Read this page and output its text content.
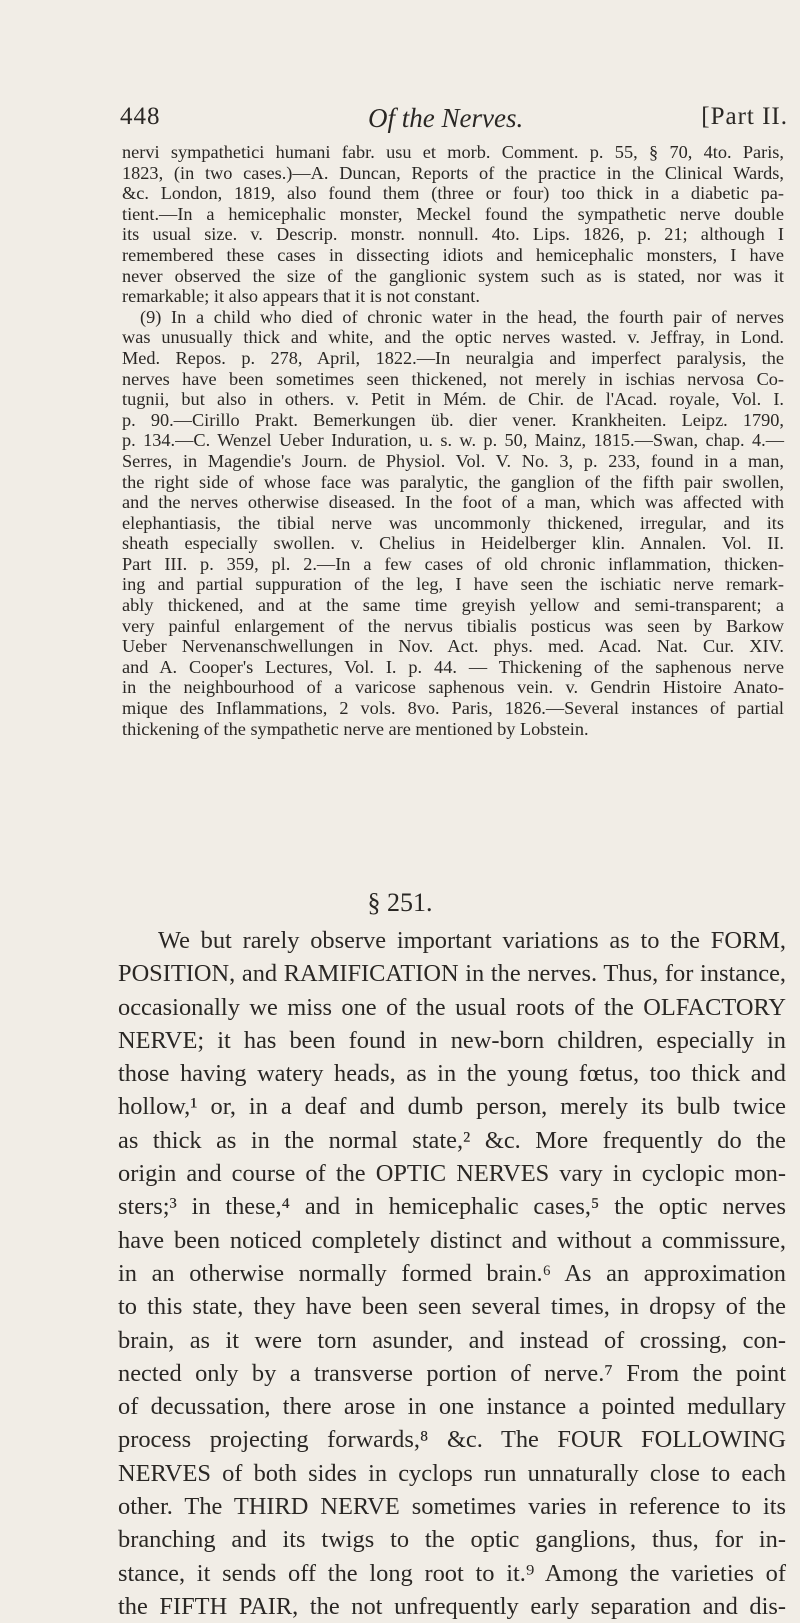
448	Of the Nerves.	[Part II.
nervi sympathetici humani fabr. usu et morb. Comment. p. 55, § 70, 4to. Paris,
1823, (in two cases.)—A. Duncan, Reports of the practice in the Clinical Wards,
&c. London, 1819, also found them (three or four) too thick in a diabetic pa-
tient.—In a hemicephalic monster, Meckel found the sympathetic nerve double
its usual size. v. Descrip. monstr. nonnull. 4to. Lips. 1826, p. 21; although I
remembered these cases in dissecting idiots and hemicephalic monsters, I have
never observed the size of the ganglionic system such as is stated, nor was it
remarkable; it also appears that it is not constant.
(9) In a child who died of chronic water in the head, the fourth pair of nerves
was unusually thick and white, and the optic nerves wasted. v. Jeffray, in Lond.
Med. Repos. p. 278, April, 1822.—In neuralgia and imperfect paralysis, the
nerves have been sometimes seen thickened, not merely in ischias nervosa Co-
tugnii, but also in others. v. Petit in Mém. de Chir. de l'Acad. royale, Vol. I.
p. 90.—Cirillo Prakt. Bemerkungen üb. dier vener. Krankheiten. Leipz. 1790,
p. 134.—C. Wenzel Ueber Induration, u. s. w. p. 50, Mainz, 1815.—Swan, chap. 4.—
Serres, in Magendie's Journ. de Physiol. Vol. V. No. 3, p. 233, found in a man,
the right side of whose face was paralytic, the ganglion of the fifth pair swollen,
and the nerves otherwise diseased. In the foot of a man, which was affected with
elephantiasis, the tibial nerve was uncommonly thickened, irregular, and its
sheath especially swollen. v. Chelius in Heidelberger klin. Annalen. Vol. II.
Part III. p. 359, pl. 2.—In a few cases of old chronic inflammation, thicken-
ing and partial suppuration of the leg, I have seen the ischiatic nerve remark-
ably thickened, and at the same time greyish yellow and semi-transparent; a
very painful enlargement of the nervus tibialis posticus was seen by Barkow
Ueber Nervenanschwellungen in Nov. Act. phys. med. Acad. Nat. Cur. XIV.
and A. Cooper's Lectures, Vol. I. p. 44. — Thickening of the saphenous nerve
in the neighbourhood of a varicose saphenous vein. v. Gendrin Histoire Anato-
mique des Inflammations, 2 vols. 8vo. Paris, 1826.—Several instances of partial
thickening of the sympathetic nerve are mentioned by Lobstein.
§ 251.
We but rarely observe important variations as to the FORM,
POSITION, and RAMIFICATION in the nerves. Thus, for instance,
occasionally we miss one of the usual roots of the OLFACTORY
NERVE; it has been found in new-born children, especially in
those having watery heads, as in the young fœtus, too thick and
hollow,¹ or, in a deaf and dumb person, merely its bulb twice
as thick as in the normal state,² &c. More frequently do the
origin and course of the OPTIC NERVES vary in cyclopic mon-
sters;³ in these,⁴ and in hemicephalic cases,⁵ the optic nerves
have been noticed completely distinct and without a commissure,
in an otherwise normally formed brain.⁶ As an approximation
to this state, they have been seen several times, in dropsy of the
brain, as it were torn asunder, and instead of crossing, con-
nected only by a transverse portion of nerve.⁷ From the point
of decussation, there arose in one instance a pointed medullary
process projecting forwards,⁸ &c. The FOUR FOLLOWING
NERVES of both sides in cyclops run unnaturally close to each
other. The THIRD NERVE sometimes varies in reference to its
branching and its twigs to the optic ganglions, thus, for in-
stance, it sends off the long root to it.⁹ Among the varieties of
the FIFTH PAIR, the not unfrequently early separation and dis-
